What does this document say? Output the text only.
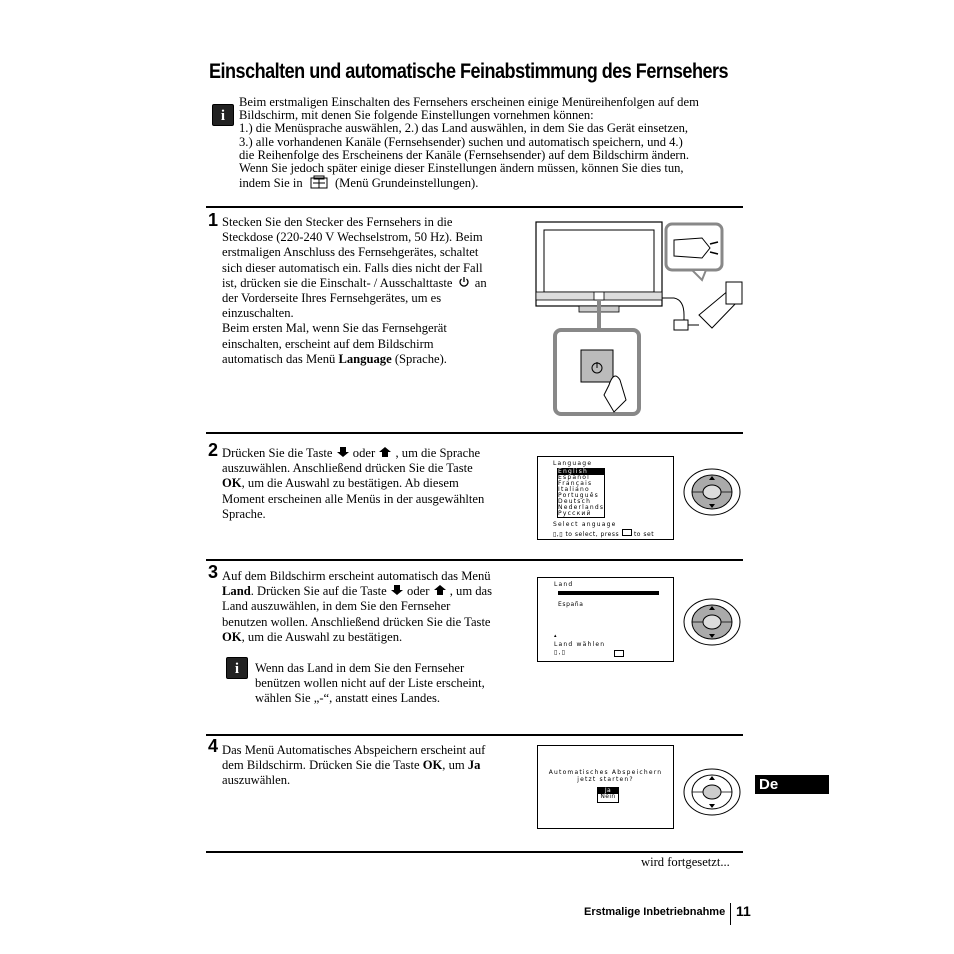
Einschalten und automatische Feinabstimmung des Fernsehers
i
Beim erstmaligen Einschalten des Fernsehers erscheinen einige Menüreihenfolgen auf dem
Bildschirm, mit denen Sie folgende Einstellungen vornehmen können:
1.) die Menüsprache auswählen, 2.) das Land auswählen, in dem Sie das Gerät einsetzen,
3.) alle vorhandenen Kanäle (Fernsehsender) suchen und automatisch speichern, und 4.)
die Reihenfolge des Erscheinens der Kanäle (Fernsehsender) auf dem Bildschirm ändern.
Wenn Sie jedoch später einige dieser Einstellungen ändern müssen, können Sie dies tun,
indem Sie in	(Menü Grundeinstellungen).
1 Stecken Sie den Stecker des Fernsehers in die
Steckdose (220-240 V Wechselstrom, 50 Hz). Beim
erstmaligen Anschluss des Fernsehgerätes, schaltet
sich dieser automatisch ein. Falls dies nicht der Fall
ist, drücken sie die Einschalt- / Ausschalttaste an
der Vorderseite Ihres Fernsehgerätes, um es
einzuschalten.
Beim ersten Mal, wenn Sie das Fernsehgerät
einschalten, erscheint auf dem Bildschirm
automatisch das Menü Language (Sprache).
2 Drücken Sie die Taste oder , um die Sprache
auszuwählen. Anschließend drücken Sie die Taste
OK, um die Auswahl zu bestätigen. Ab diesem
Moment erscheinen alle Menüs in der ausgewählten
Sprache.
Language
English
Español
Français
Italiano
Português
Deutsch
Nederlands
Русский
Select anguage
▯,▯ to select, press to set
3 Auf dem Bildschirm erscheint automatisch das Menü
Land. Drücken Sie auf die Taste oder , um das
Land auszuwählen, in dem Sie den Fernseher
benutzen wollen. Anschließend drücken Sie die Taste
OK, um die Auswahl zu bestätigen.
i	Wenn das Land in dem Sie den Fernseher
benützen wollen nicht auf der Liste erscheint,
wählen Sie „-“, anstatt eines Landes.
Land
España
▴
Land wählen
▯,▯
4 Das Menü Automatisches Abspeichern erscheint auf
dem Bildschirm. Drücken Sie die Taste OK, um Ja
auszuwählen.
Automatisches Abspeichern
jetzt starten?
Ja
Nein
De
wird fortgesetzt...
Erstmalige Inbetriebnahme 11
